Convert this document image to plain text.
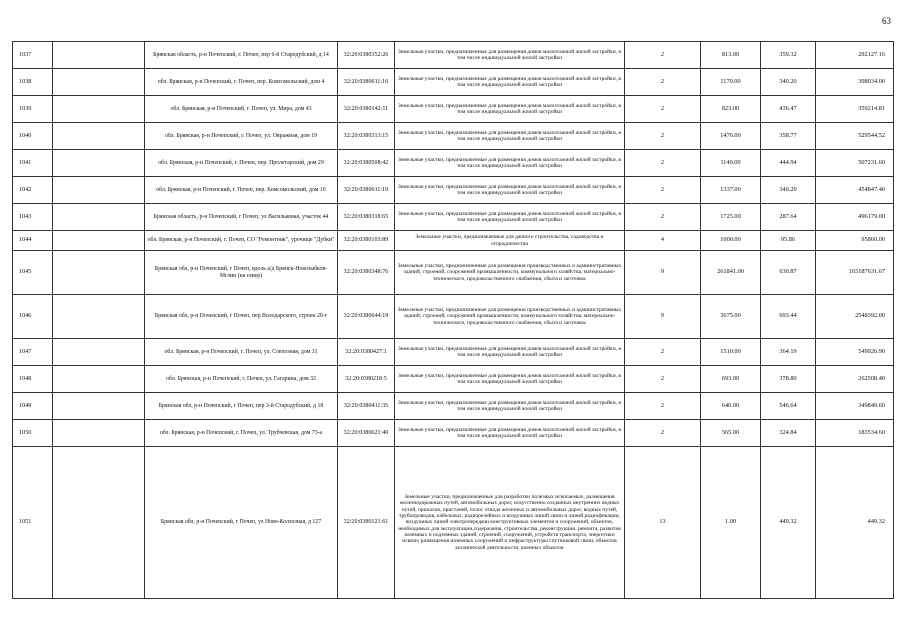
63
1037		Брянская область, р-н Почепский, г. Почеп, пер 6-й Стародубский, д 14	32:20:0380352:26	Земельные участки, предназначенные для размещения домов малоэтажной жилой застройки, в том числе индивидуальной жилой застройки	2	813.00	359.32	292127.16
1038		обл. Брянская, р-н Почепский, г. Почеп, пер. Комсомольский, дом 4	32:20:0380611:16	Земельные участки, предназначенные для размещения домов малоэтажной жилой застройки, в том числе индивидуальной жилой застройки	2	1170.00	340.20	398034.00
1039		обл. Брянская, р-н Почепский, г. Почеп, ул. Мира, дом 43	32:20:0380142:11	Земельные участки, предназначенные для размещения домов малоэтажной жилой застройки, в том числе индивидуальной жилой застройки	2	823.00	436.47	359214.81
1040		обл. Брянская, р-н Почепский, г. Почеп, ул. Овражная, дом 19	32:20:0380313:15	Земельные участки, предназначенные для размещения домов малоэтажной жилой застройки, в том числе индивидуальной жилой застройки	2	1476.00	358.77	529544.52
1041		обл. Брянская, р-н Почепский, г. Почеп, пер. Пролетарский, дом 29	32:20:0380508:42	Земельные участки, предназначенные для размещения домов малоэтажной жилой застройки, в том числе индивидуальной жилой застройки	2	1140.00	444.94	507231.60
1042		обл. Брянская, р-н Почепский, г. Почеп, пер. Комсомольский, дом 10	32:20:0380611:19	Земельные участки, предназначенные для размещения домов малоэтажной жилой застройки, в том числе индивидуальной жилой застройки	2	1337.00	340.20	454847.40
1043		Брянская область, р-н Почепский, г Почеп, ул Васильковая, участок 44	32:20:0380318:65	Земельные участки, предназначенные для размещения домов малоэтажной жилой застройки, в том числе индивидуальной жилой застройки	2	1725.00	287.64	496179.00
1044		обл. Брянская, р-н Почепский, г. Почеп, СО "Ремонтник", урочище "Дубки"	32:20:0380103:89	Земельные участки, предназначенные для дачного строительства, садоводства и огородничества	4	1000.00	95.86	95860.00
1045		Брянская обл, р-н Почепский, г Почеп, вдоль а/д Брянск-Новозыбков-Мглин (на север)	32:20:0380348:76	Земельные участки, предназначенные для размещения производственных и административных зданий, строений, сооружений промышленности, коммунального хозяйства, материально-технического, продовольственного снабжения, сбыта и заготовок	9	261841.00	630.87	165187631.67
1046		Брянская обл, р-н Почепский, г Почеп, пер Володарского, строен 20-г	32:20:0380644:19	Земельные участки, предназначенные для размещения производственных и административных зданий, строений, сооружений промышленности, коммунального хозяйства, материально-технического, продовольственного снабжения, сбыта и заготовок	9	3675.00	693.44	2548392.00
1047		обл. Брянская, р-н Почепский, г. Почеп, ул. Совхозная, дом 31	32:20:0380427:1	Земельные участки, предназначенные для размещения домов малоэтажной жилой застройки, в том числе индивидуальной жилой застройки	2	1510.00	364.19	549926.90
1048		обл. Брянская, р-н Почепский, г. Почеп, ул. Гагарина, дом 32	32:20:0380218:5	Земельные участки, предназначенные для размещения домов малоэтажной жилой застройки, в том числе индивидуальной жилой застройки	2	693.00	378.80	262508.40
1049		Брянская обл, р-н Почепский, г Почеп, пер 3-й Стародубский, д 18	32:20:0380411:35	Земельные участки, предназначенные для размещения домов малоэтажной жилой застройки, в том числе индивидуальной жилой застройки	2	640.00	546.64	349849.60
1050		обл. Брянская, р-н Почепский, г. Почеп, ул. Трубчевская, дом 73-а	32:20:0380621:40	Земельные участки, предназначенные для размещения домов малоэтажной жилой застройки, в том числе индивидуальной жилой застройки	2	565.00	324.84	183534.60
1051		Брянская обл, р-н Почепский, г Почеп, ул Ново-Колхозная, д 127	32:20:0380121:61	Земельные участки, предназначенные для разработки полезных ископаемых, размещения железнодорожных путей, автомобильных дорог, искусственно созданных внутренних водных путей, причалов, пристаней, полос отвода железных и автомобильных дорог, водных путей, трубопроводов, кабельных, радиорелейных и воздушных линий связи и линий радиофикации, воздушных линий электропередачи конструктивных элементов и сооружений, объектов, необходимых для эксплуатации,содержания, строительства, реконструкции, ремонта, развития наземных и подземных зданий, строений, сооружений, устройств транспорта, энергетики исвязи; размещения наземных сооружений и инфраструктуры спутниковой связи, объектов космической деятельности, военных объектов	13	1.00	449.32	449.32
